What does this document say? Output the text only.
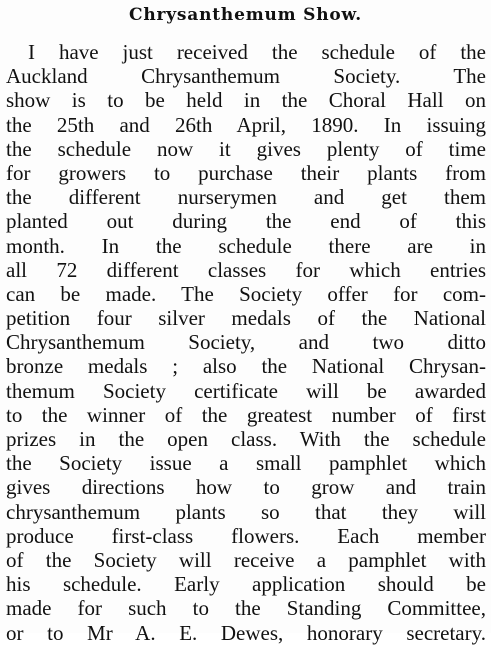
Chrysanthemum Show.
I have just received the schedule of the
Auckland Chrysanthemum Society. The
show is to be held in the Choral Hall on
the 25th and 26th April, 1890. In issuing
the schedule now it gives plenty of time
for growers to purchase their plants from
the different nurserymen and get them
planted out during the end of this
month. In the schedule there are in
all 72 different classes for which entries
can be made. The Society offer for com-
petition four silver medals of the National
Chrysanthemum Society, and two ditto
bronze medals ; also the National Chrysan-
themum Society certificate will be awarded
to the winner of the greatest number of first
prizes in the open class. With the schedule
the Society issue a small pamphlet which
gives directions how to grow and train
chrysanthemum plants so that they will
produce first-class flowers. Each member
of the Society will receive a pamphlet with
his schedule. Early application should be
made for such to the Standing Committee,
or to Mr A. E. Dewes, honorary secretary.
